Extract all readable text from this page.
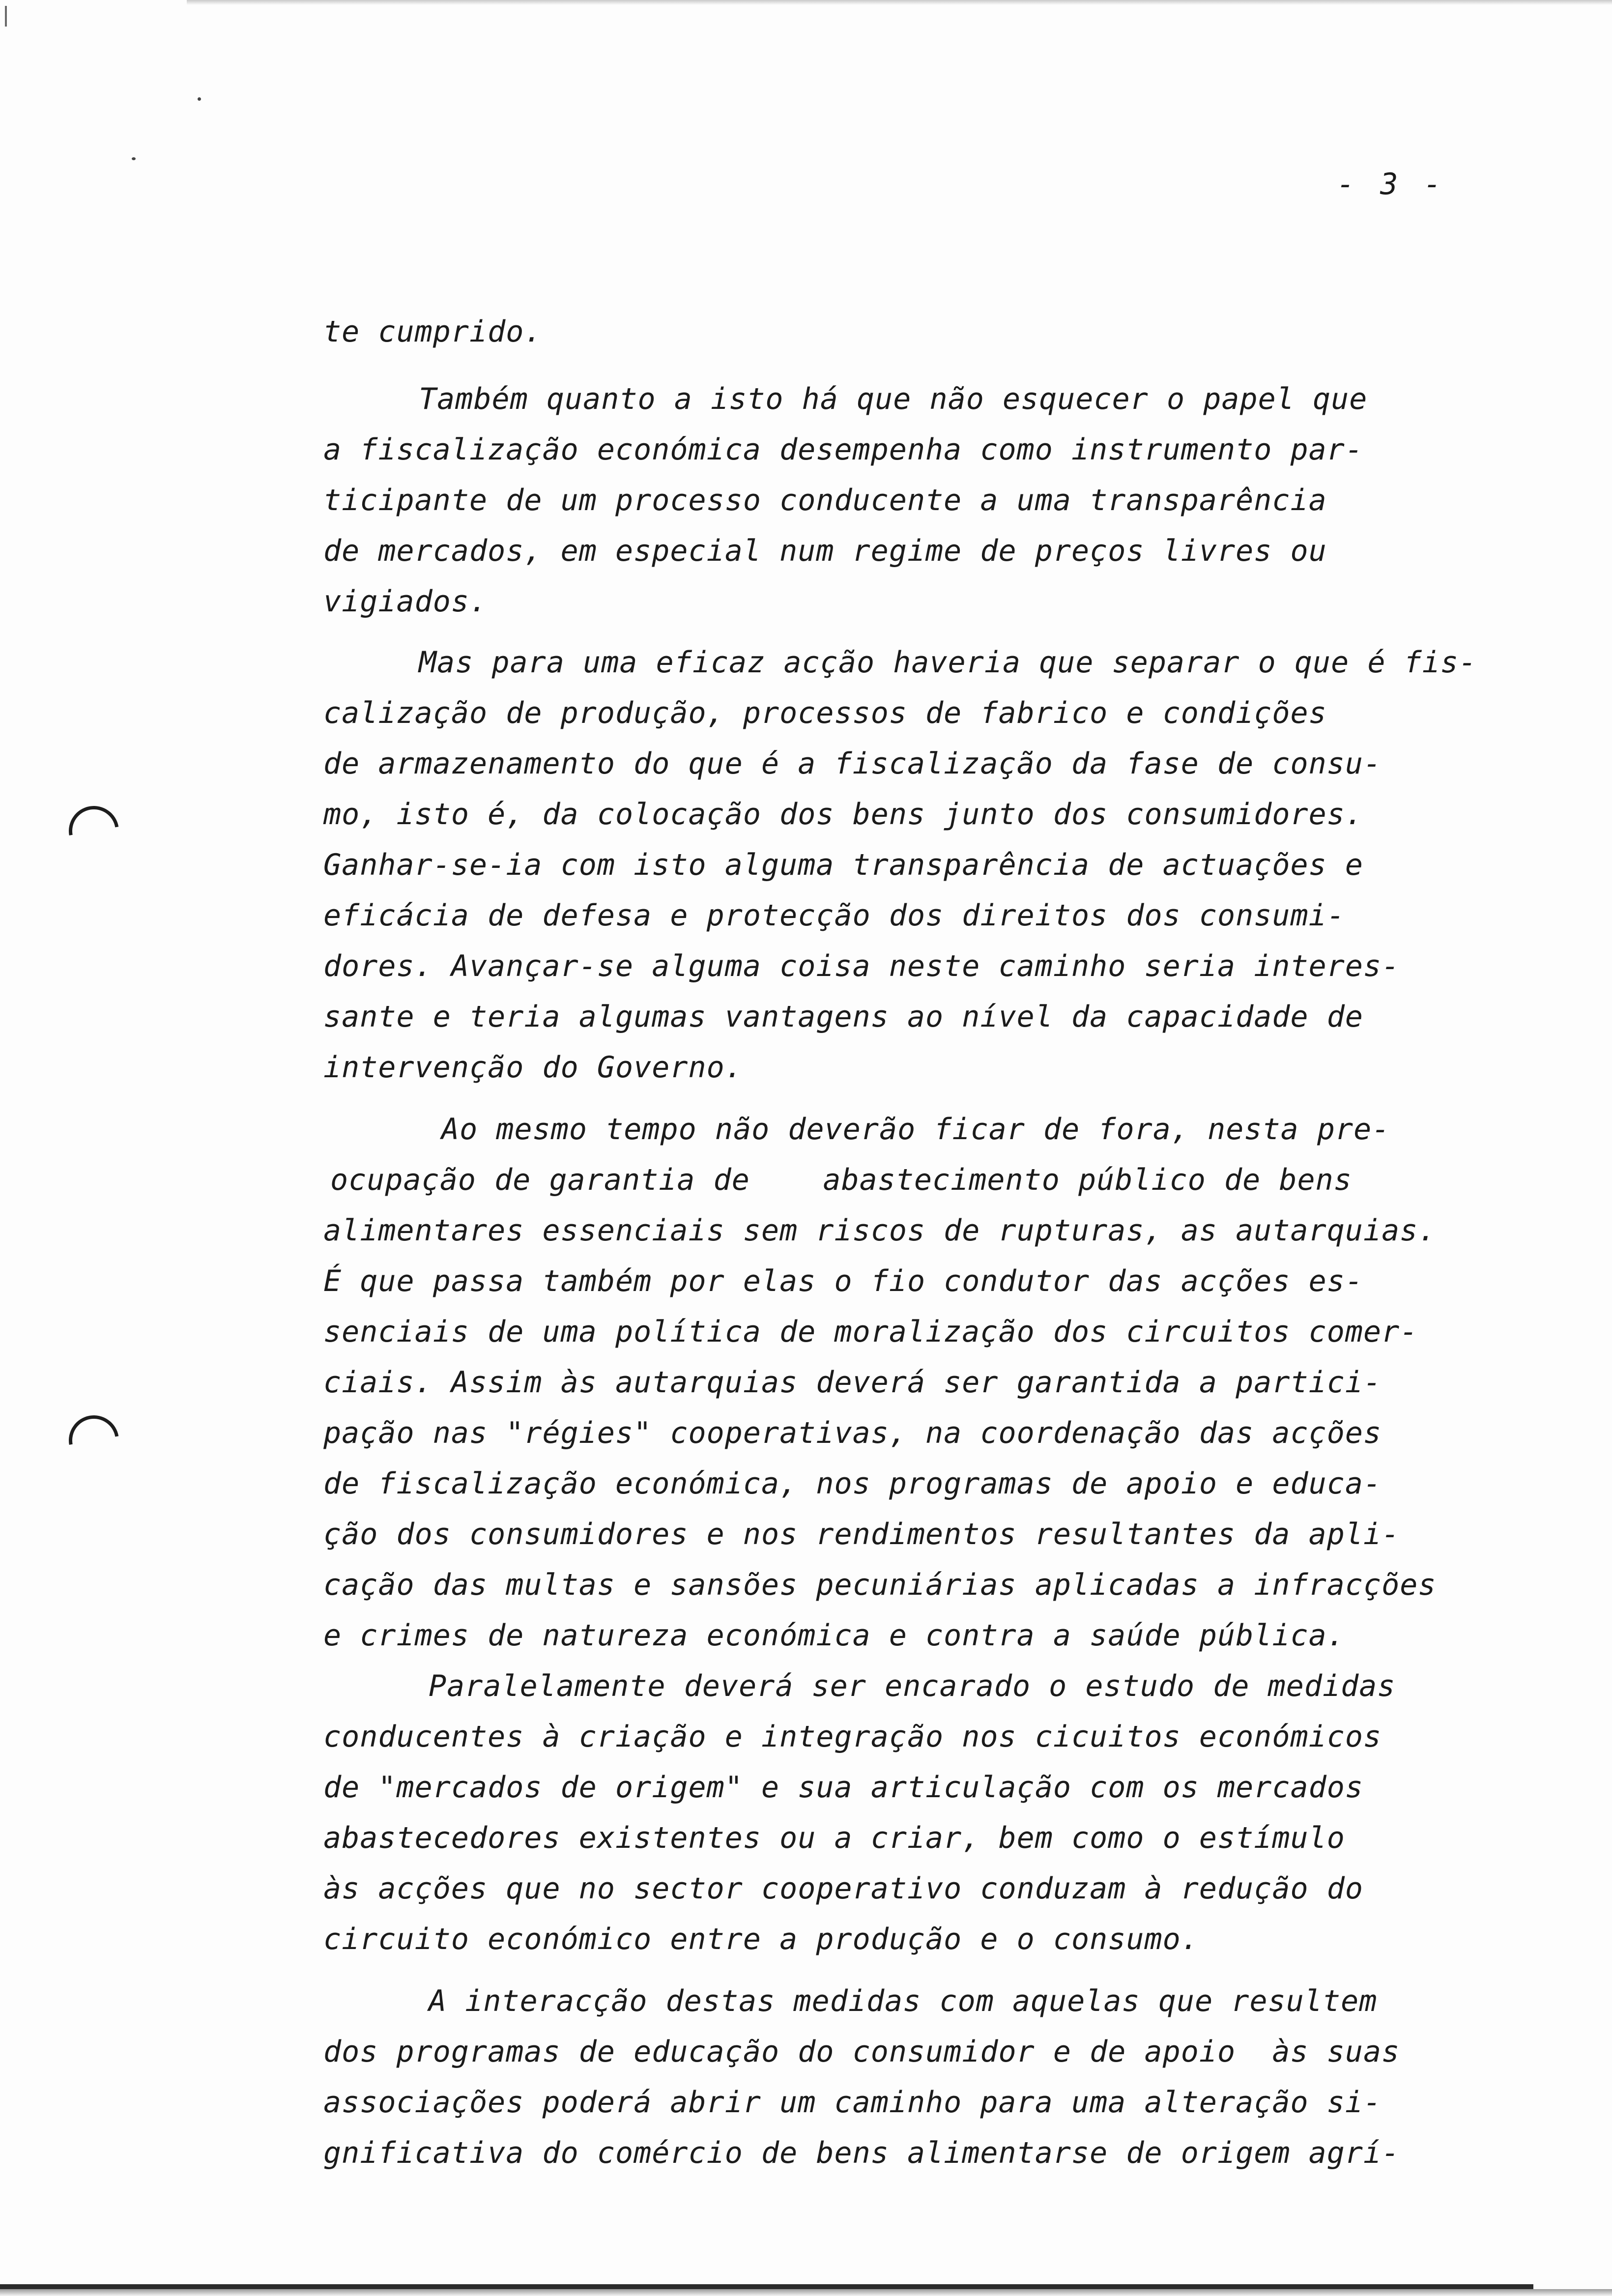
- 3 -
te cumprido.
Também quanto a isto há que não esquecer o papel que
a fiscalização económica desempenha como instrumento par-
ticipante de um processo conducente a uma transparência
de mercados, em especial num regime de preços livres ou
vigiados.
Mas para uma eficaz acção haveria que separar o que é fis-
calização de produção, processos de fabrico e condições
de armazenamento do que é a fiscalização da fase de consu-
mo, isto é, da colocação dos bens junto dos consumidores.
Ganhar-se-ia com isto alguma transparência de actuações e
eficácia de defesa e protecção dos direitos dos consumi-
dores. Avançar-se alguma coisa neste caminho seria interes-
sante e teria algumas vantagens ao nível da capacidade de
intervenção do Governo.
Ao mesmo tempo não deverão ficar de fora, nesta pre-
ocupação de garantia de    abastecimento público de bens
alimentares essenciais sem riscos de rupturas, as autarquias.
É que passa também por elas o fio condutor das acções es-
senciais de uma política de moralização dos circuitos comer-
ciais. Assim às autarquias deverá ser garantida a partici-
pação nas "régies" cooperativas, na coordenação das acções
de fiscalização económica, nos programas de apoio e educa-
ção dos consumidores e nos rendimentos resultantes da apli-
cação das multas e sansões pecuniárias aplicadas a infracções
e crimes de natureza económica e contra a saúde pública.
Paralelamente deverá ser encarado o estudo de medidas
conducentes à criação e integração nos cicuitos económicos
de "mercados de origem" e sua articulação com os mercados
abastecedores existentes ou a criar, bem como o estímulo
às acções que no sector cooperativo conduzam à redução do
circuito económico entre a produção e o consumo.
A interacção destas medidas com aquelas que resultem
dos programas de educação do consumidor e de apoio  às suas
associações poderá abrir um caminho para uma alteração si-
gnificativa do comércio de bens alimentarse de origem agrí-
